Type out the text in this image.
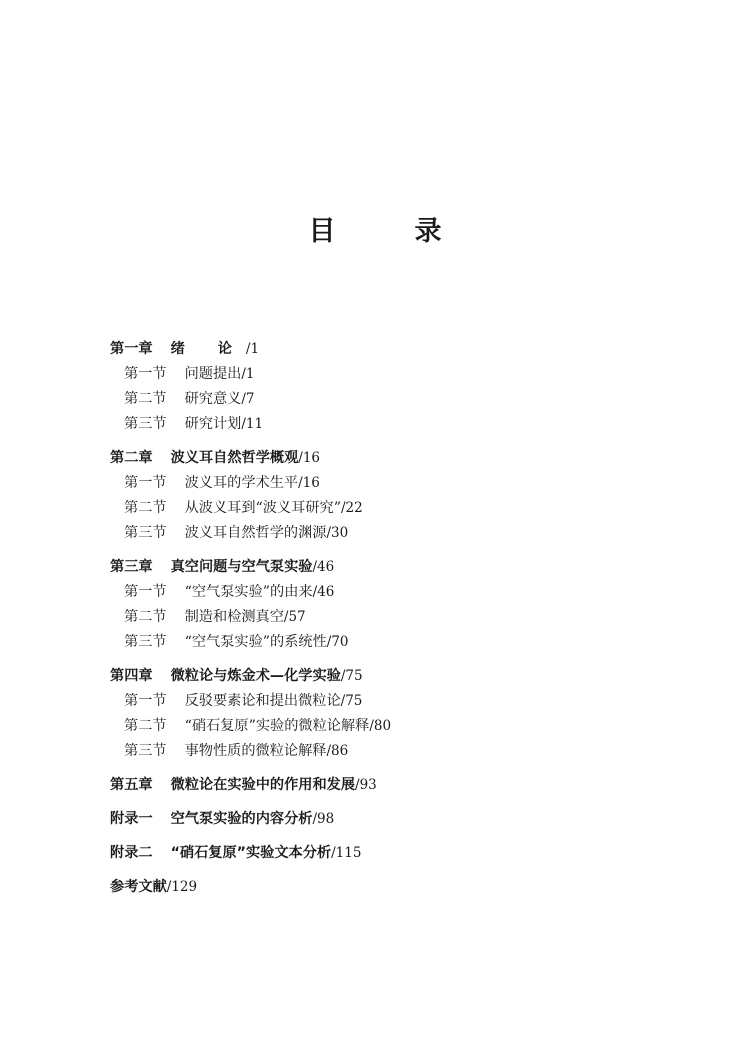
目　录
第一章 绪 论/1
第一节 问题提出/1
第二节 研究意义/7
第三节 研究计划/11
第二章 波义耳自然哲学概观/16
第一节 波义耳的学术生平/16
第二节 从波义耳到“波义耳研究”/22
第三节 波义耳自然哲学的渊源/30
第三章 真空问题与空气泵实验/46
第一节 “空气泵实验”的由来/46
第二节 制造和检测真空/57
第三节 “空气泵实验”的系统性/70
第四章 微粒论与炼金术—化学实验/75
第一节 反驳要素论和提出微粒论/75
第二节 “硝石复原”实验的微粒论解释/80
第三节 事物性质的微粒论解释/86
第五章 微粒论在实验中的作用和发展/93
附录一 空气泵实验的内容分析/98
附录二 “硝石复原”实验文本分析/115
参考文献/129
